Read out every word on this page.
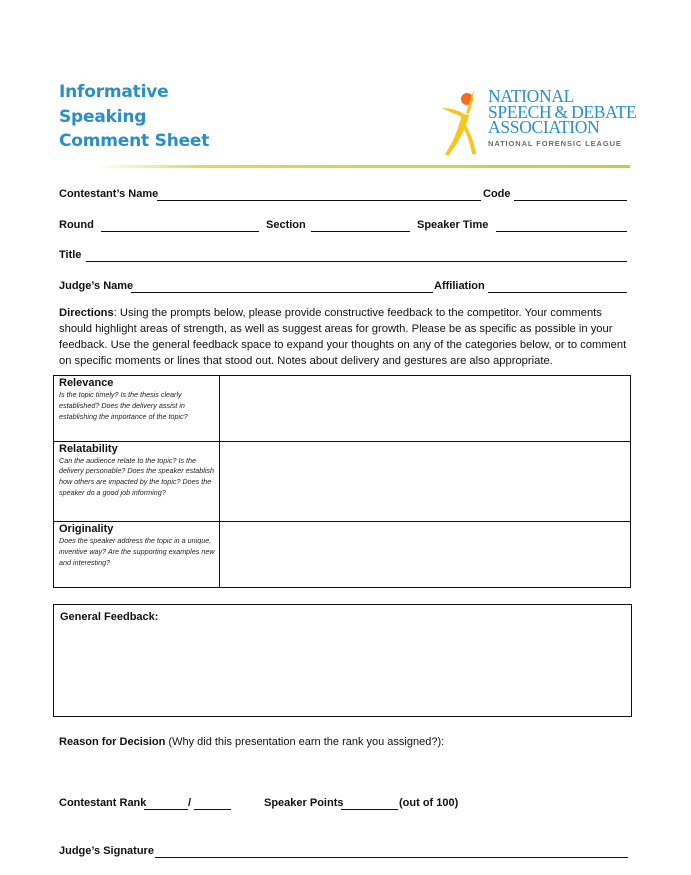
Informative
Speaking
Comment Sheet
NATIONAL
SPEECH & DEBATE
ASSOCIATION
NATIONAL FORENSIC LEAGUE
Contestant’s Name	Code
Round	Section	Speaker Time
Title
Judge’s Name	Affiliation
Directions: Using the prompts below, please provide constructive feedback to the competitor. Your comments should highlight areas of strength, as well as suggest areas for growth. Please be as specific as possible in your feedback. Use the general feedback space to expand your thoughts on any of the categories below, or to comment on specific moments or lines that stood out. Notes about delivery and gestures are also appropriate.
Relevance
Is the topic timely? Is the thesis clearly established? Does the delivery assist in establishing the importance of the topic?	

Relatability
Can the audience relate to the topic? Is the delivery personable? Does the speaker establish how others are impacted by the topic? Does the speaker do a good job informing?	

Originality
Does the speaker address the topic in a unique, inventive way? Are the supporting examples new and interesting?	

General Feedback:
Reason for Decision (Why did this presentation earn the rank you assigned?):
Contestant Rank	/	Speaker Points	(out of 100)
Judge’s Signature
